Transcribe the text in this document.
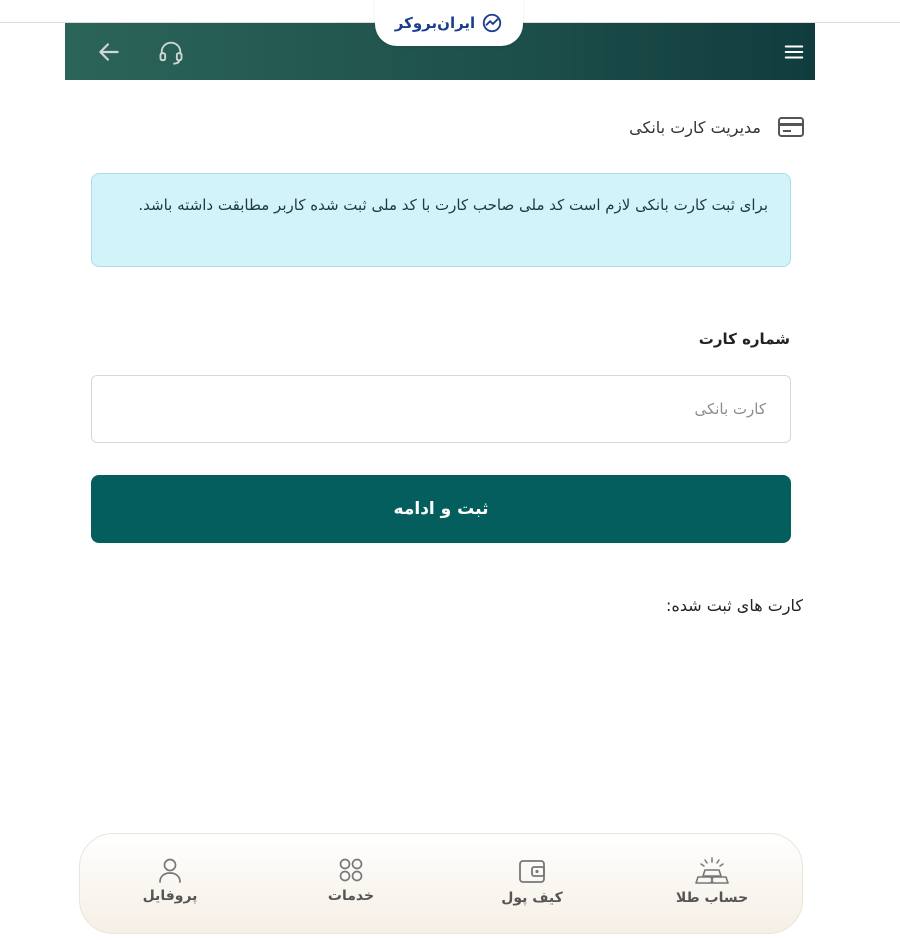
ایران‌بروکر
مدیریت کارت بانکی
برای ثبت کارت بانکی لازم است کد ملی صاحب کارت با کد ملی ثبت شده کاربر مطابقت داشته باشد.
شماره کارت
کارت بانکی
ثبت و ادامه
کارت های ثبت شده:
حساب طلا
کیف پول
خدمات
پروفایل
